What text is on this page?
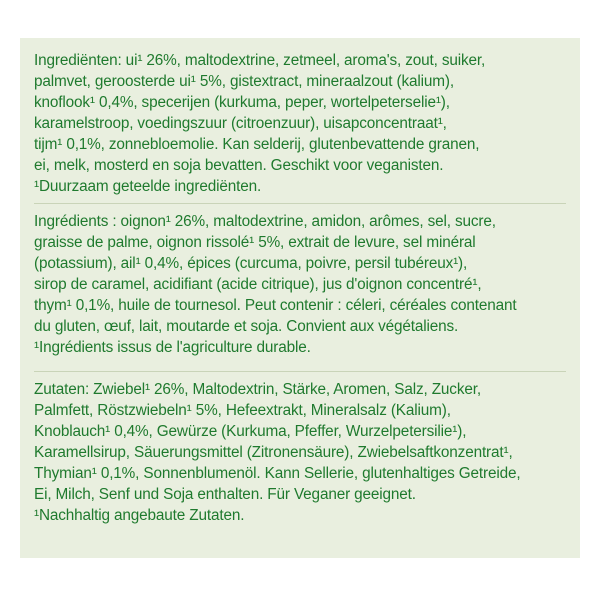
Ingrediënten: ui¹ 26%, maltodextrine, zetmeel, aroma's, zout, suiker,
palmvet, geroosterde ui¹ 5%, gistextract, mineraalzout (kalium),
knoflook¹ 0,4%, specerijen (kurkuma, peper, wortelpeterselie¹),
karamelstroop, voedingszuur (citroenzuur), uisapconcentraat¹,
tijm¹ 0,1%, zonnebloemolie. Kan selderij, glutenbevattende granen,
ei, melk, mosterd en soja bevatten. Geschikt voor veganisten.
¹Duurzaam geteelde ingrediënten.
Ingrédients : oignon¹ 26%, maltodextrine, amidon, arômes, sel, sucre,
graisse de palme, oignon rissolé¹ 5%, extrait de levure, sel minéral
(potassium), ail¹ 0,4%, épices (curcuma, poivre, persil tubéreux¹),
sirop de caramel, acidifiant (acide citrique), jus d'oignon concentré¹,
thym¹ 0,1%, huile de tournesol. Peut contenir : céleri, céréales contenant
du gluten, œuf, lait, moutarde et soja. Convient aux végétaliens.
¹Ingrédients issus de l'agriculture durable.
Zutaten: Zwiebel¹ 26%, Maltodextrin, Stärke, Aromen, Salz, Zucker,
Palmfett, Röstzwiebeln¹ 5%, Hefeextrakt, Mineralsalz (Kalium),
Knoblauch¹ 0,4%, Gewürze (Kurkuma, Pfeffer, Wurzelpetersilie¹),
Karamellsirup, Säuerungsmittel (Zitronensäure), Zwiebelsaftkonzentrat¹,
Thymian¹ 0,1%, Sonnenblumenöl. Kann Sellerie, glutenhaltiges Getreide,
Ei, Milch, Senf und Soja enthalten. Für Veganer geeignet.
¹Nachhaltig angebaute Zutaten.
